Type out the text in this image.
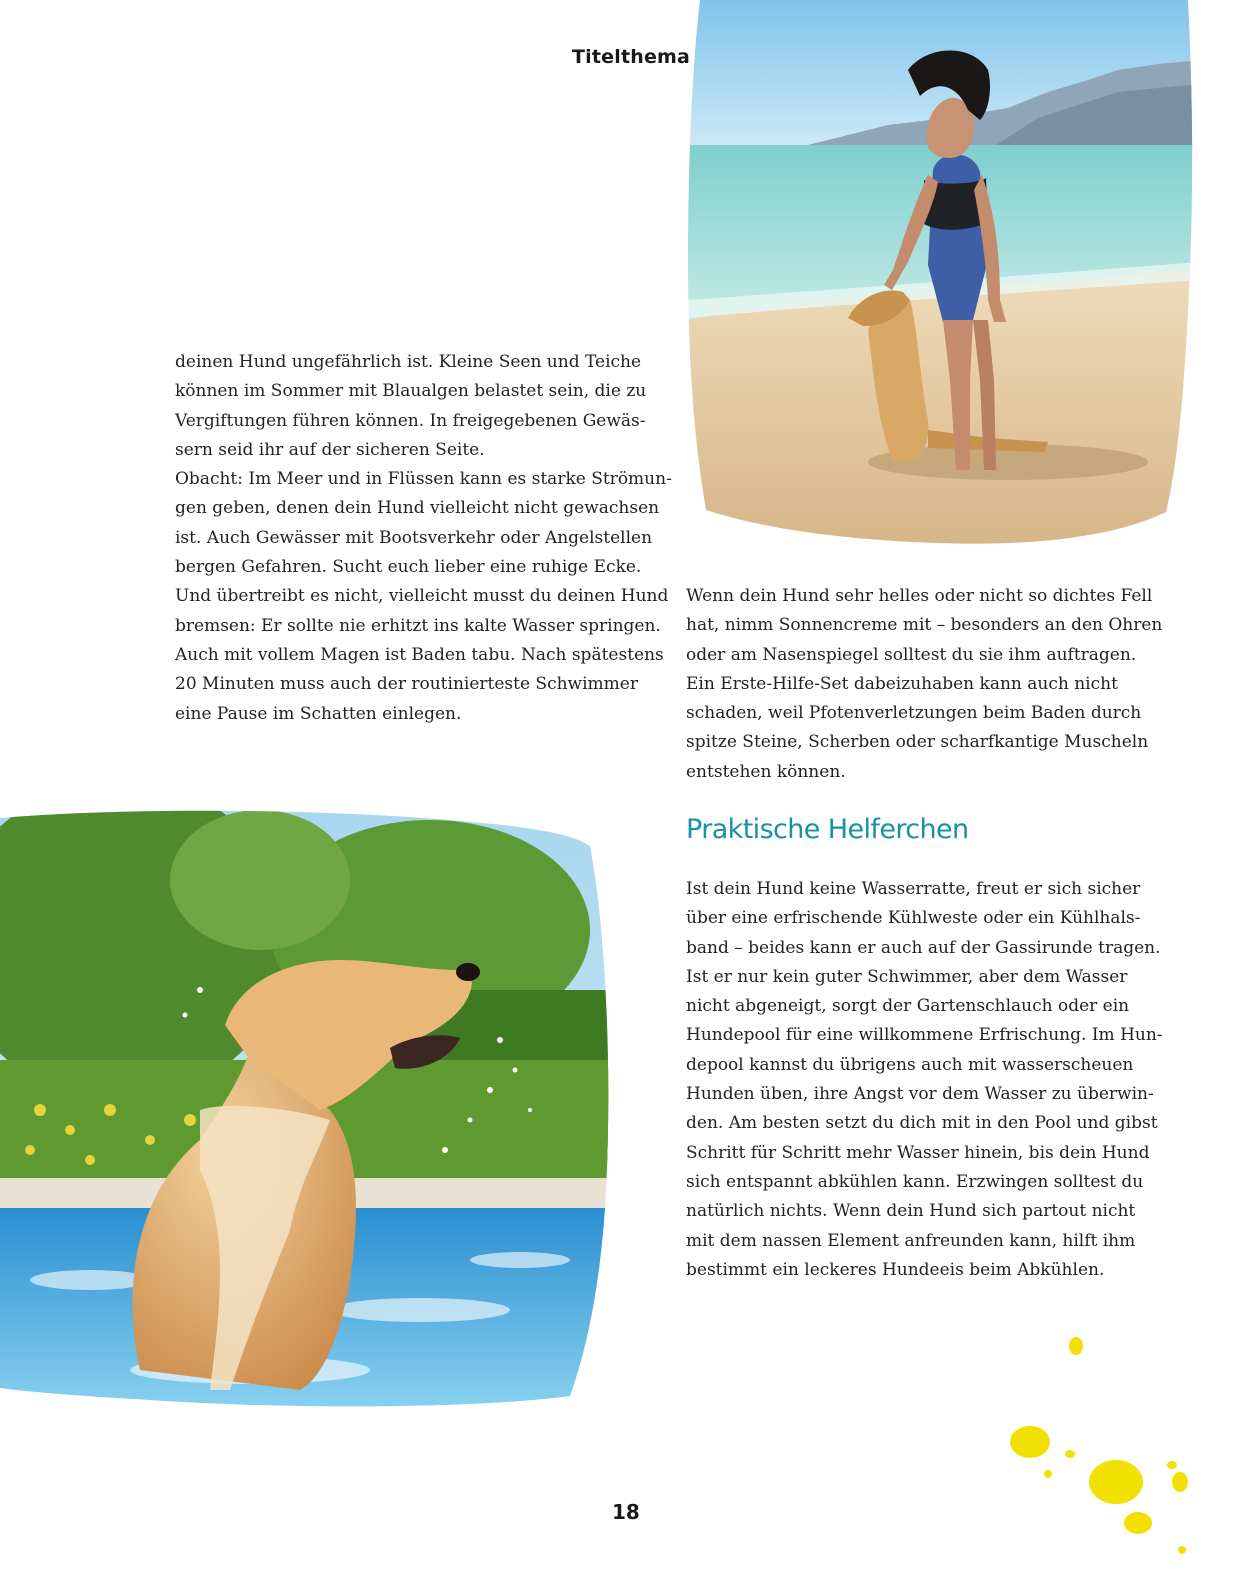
Titelthema
deinen Hund ungefährlich ist. Kleine Seen und Teiche
können im Sommer mit Blaualgen belastet sein, die zu
Vergiftungen führen können. In freigegebenen Gewäs-
sern seid ihr auf der sicheren Seite.
Obacht: Im Meer und in Flüssen kann es starke Strömun-
gen geben, denen dein Hund vielleicht nicht gewachsen
ist. Auch Gewässer mit Bootsverkehr oder Angelstellen
bergen Gefahren. Sucht euch lieber eine ruhige Ecke.
Und übertreibt es nicht, vielleicht musst du deinen Hund
bremsen: Er sollte nie erhitzt ins kalte Wasser springen.
Auch mit vollem Magen ist Baden tabu. Nach spätestens
20 Minuten muss auch der routinierteste Schwimmer
eine Pause im Schatten einlegen.
Wenn dein Hund sehr helles oder nicht so dichtes Fell
hat, nimm Sonnencreme mit – besonders an den Ohren
oder am Nasenspiegel solltest du sie ihm auftragen.
Ein Erste-Hilfe-Set dabeizuhaben kann auch nicht
schaden, weil Pfotenverletzungen beim Baden durch
spitze Steine, Scherben oder scharfkantige Muscheln
entstehen können.
Praktische Helferchen
Ist dein Hund keine Wasserratte, freut er sich sicher
über eine erfrischende Kühlweste oder ein Kühlhals-
band – beides kann er auch auf der Gassirunde tragen.
Ist er nur kein guter Schwimmer, aber dem Wasser
nicht abgeneigt, sorgt der Gartenschlauch oder ein
Hundepool für eine willkommene Erfrischung. Im Hun-
depool kannst du übrigens auch mit wasserscheuen
Hunden üben, ihre Angst vor dem Wasser zu überwin-
den. Am besten setzt du dich mit in den Pool und gibst
Schritt für Schritt mehr Wasser hinein, bis dein Hund
sich entspannt abkühlen kann. Erzwingen solltest du
natürlich nichts. Wenn dein Hund sich partout nicht
mit dem nassen Element anfreunden kann, hilft ihm
bestimmt ein leckeres Hundeeis beim Abkühlen.
18
